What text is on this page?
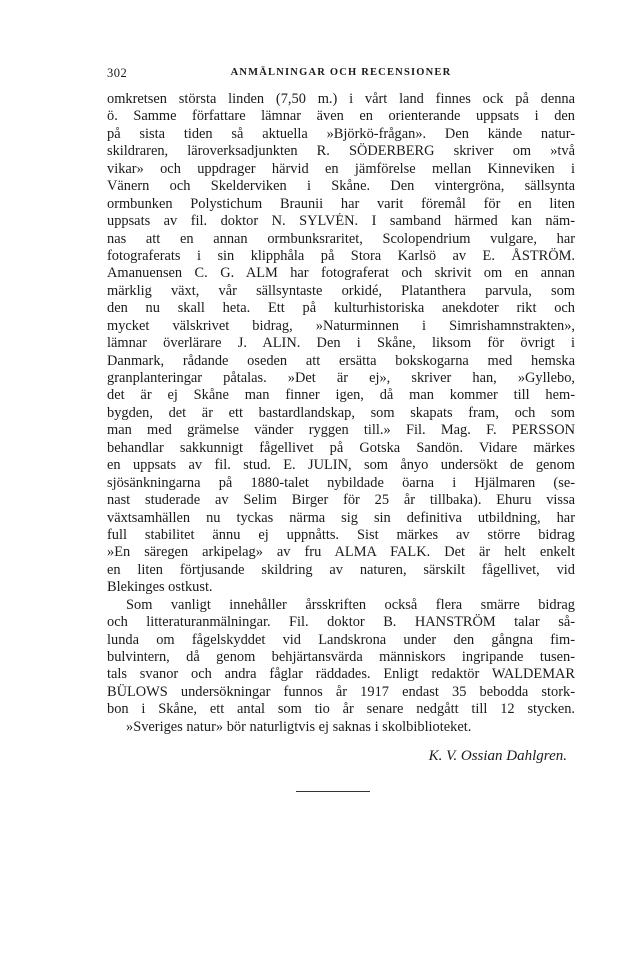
302	ANMÄLNINGAR OCH RECENSIONER
omkretsen största linden (7,50 m.) i vårt land finnes ock på denna
ö. Samme författare lämnar även en orienterande uppsats i den
på sista tiden så aktuella »Björkö-frågan». Den kände natur-
skildraren, läroverksadjunkten R. SÖDERBERG skriver om »två
vikar» och uppdrager härvid en jämförelse mellan Kinneviken i
Vänern och Skelderviken i Skåne. Den vintergröna, sällsynta
ormbunken Polystichum Braunii har varit föremål för en liten
uppsats av fil. doktor N. SYLVÉN. I samband härmed kan näm-
nas att en annan ormbunksraritet, Scolopendrium vulgare, har
fotograferats i sin klipphåla på Stora Karlsö av E. ÅSTRÖM.
Amanuensen C. G. ALM har fotograferat och skrivit om en annan
märklig växt, vår sällsyntaste orkidé, Platanthera parvula, som
den nu skall heta. Ett på kulturhistoriska anekdoter rikt och
mycket välskrivet bidrag, »Naturminnen i Simrishamnstrakten»,
lämnar överlärare J. ALIN. Den i Skåne, liksom för övrigt i
Danmark, rådande oseden att ersätta bokskogarna med hemska
granplanteringar påtalas. »Det är ej», skriver han, »Gyllebo,
det är ej Skåne man finner igen, då man kommer till hem-
bygden, det är ett bastardlandskap, som skapats fram, och som
man med grämelse vänder ryggen till.» Fil. Mag. F. PERSSON
behandlar sakkunnigt fågellivet på Gotska Sandön. Vidare märkes
en uppsats av fil. stud. E. JULIN, som ånyo undersökt de genom
sjösänkningarna på 1880-talet nybildade öarna i Hjälmaren (se-
nast studerade av Selim Birger för 25 år tillbaka). Ehuru vissa
växtsamhällen nu tyckas närma sig sin definitiva utbildning, har
full stabilitet ännu ej uppnåtts. Sist märkes av större bidrag
»En säregen arkipelag» av fru ALMA FALK. Det är helt enkelt
en liten förtjusande skildring av naturen, särskilt fågellivet, vid
Blekinges ostkust.
Som vanligt innehåller årsskriften också flera smärre bidrag
och litteraturanmälningar. Fil. doktor B. HANSTRÖM talar så-
lunda om fågelskyddet vid Landskrona under den gångna fim-
bulvintern, då genom behjärtansvärda människors ingripande tusen-
tals svanor och andra fåglar räddades. Enligt redaktör WALDEMAR
BÜLOWS undersökningar funnos år 1917 endast 35 bebodda stork-
bon i Skåne, ett antal som tio år senare nedgått till 12 stycken.
»Sveriges natur» bör naturligtvis ej saknas i skolbiblioteket.
K. V. Ossian Dahlgren.
